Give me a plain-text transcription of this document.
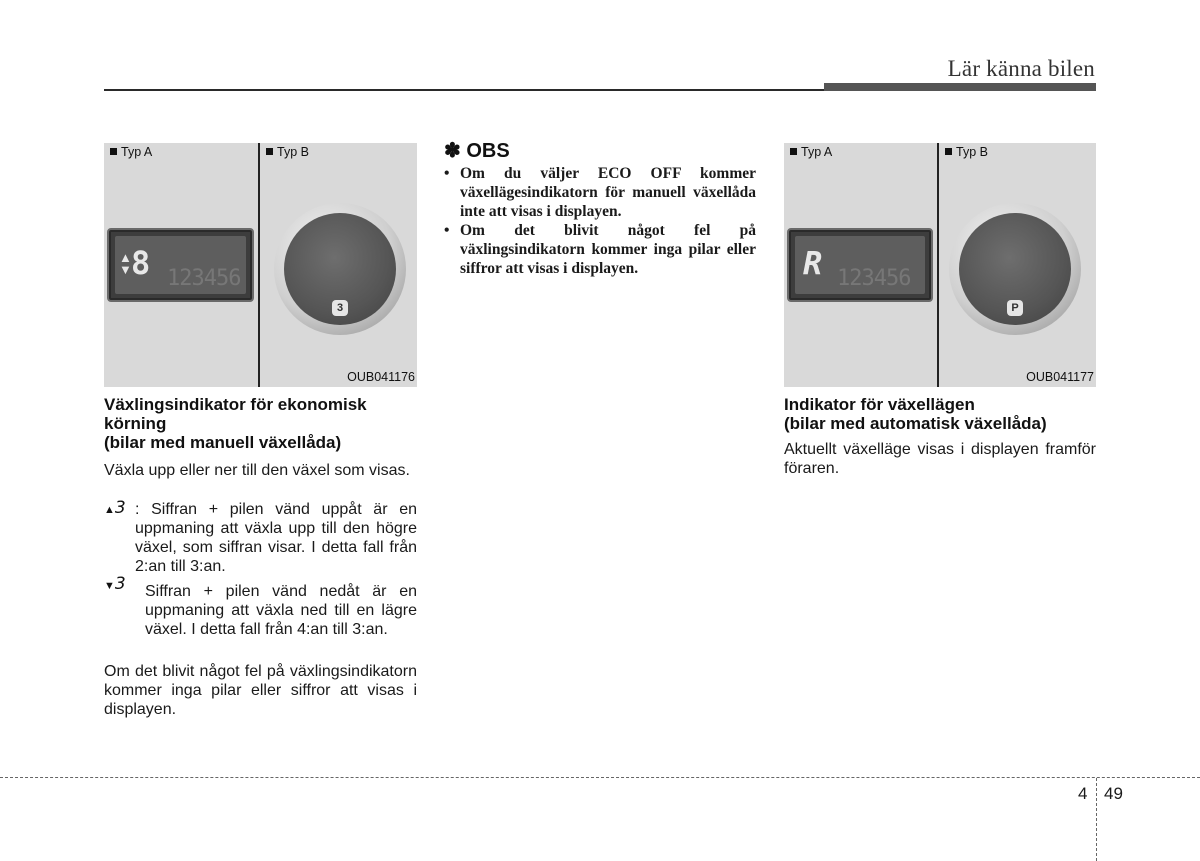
Lär känna bilen
Typ A	Typ B
▲
▼ 8 123456
3
OUB041176
Typ A	Typ B
R 123456
P
OUB041177
Växlingsindikator för ekonomisk körning
(bilar med manuell växellåda)
Växla upp eller ner till den växel som visas.
▲3 : Siffran + pilen vänd uppåt är en uppmaning att växla upp till den högre växel, som siffran visar. I detta fall från 2:an till 3:an.
▼3 Siffran + pilen vänd nedåt är en uppmaning att växla ned till en lägre växel. I detta fall från 4:an till 3:an.
Om det blivit något fel på växlingsindikatorn kommer inga pilar eller siffror att visas i displayen.
✽ OBS
• Om du väljer ECO OFF kommer växellägesindikatorn för manuell växellåda inte att visas i displayen.
• Om det blivit något fel på växlingsindikatorn kommer inga pilar eller siffror att visas i displayen.
Indikator för växellägen
(bilar med automatisk växellåda)
Aktuellt växelläge visas i displayen framför föraren.
4 49
